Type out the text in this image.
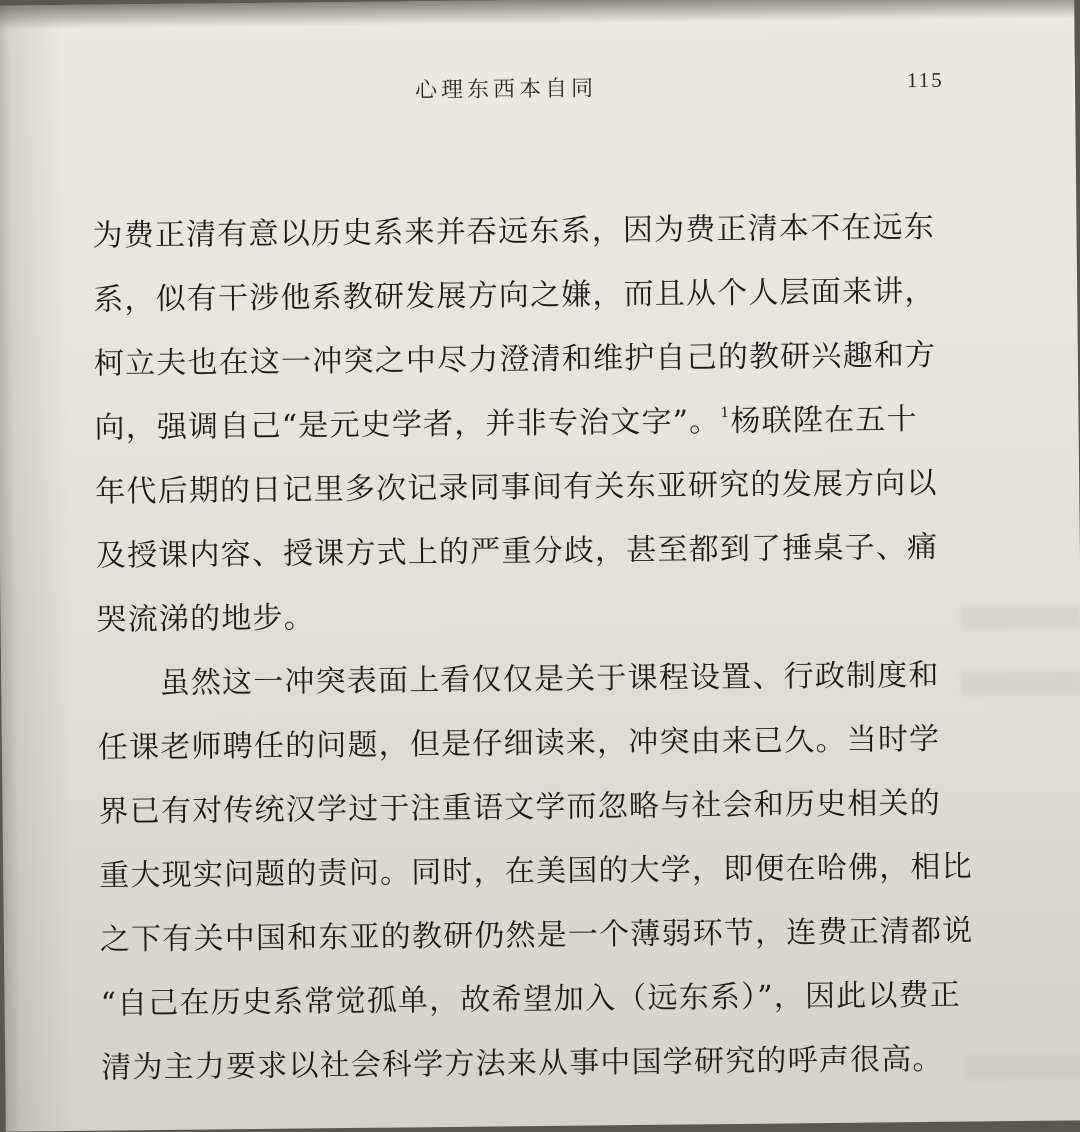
心理东西本自同	115
为费正清有意以历史系来并吞远东系，因为费正清本不在远东
系，似有干涉他系教研发展方向之嫌，而且从个人层面来讲，
柯立夫也在这一冲突之中尽力澄清和维护自己的教研兴趣和方
向，强调自己“是元史学者，并非专治文字”。$^1$杨联陞在五十
年代后期的日记里多次记录同事间有关东亚研究的发展方向以
及授课内容、授课方式上的严重分歧，甚至都到了捶桌子、痛
哭流涕的地步。
　　虽然这一冲突表面上看仅仅是关于课程设置、行政制度和
任课老师聘任的问题，但是仔细读来，冲突由来已久。当时学
界已有对传统汉学过于注重语文学而忽略与社会和历史相关的
重大现实问题的责问。同时，在美国的大学，即便在哈佛，相比
之下有关中国和东亚的教研仍然是一个薄弱环节，连费正清都说
“自己在历史系常觉孤单，故希望加入（远东系）”，因此以费正
清为主力要求以社会科学方法来从事中国学研究的呼声很高。
